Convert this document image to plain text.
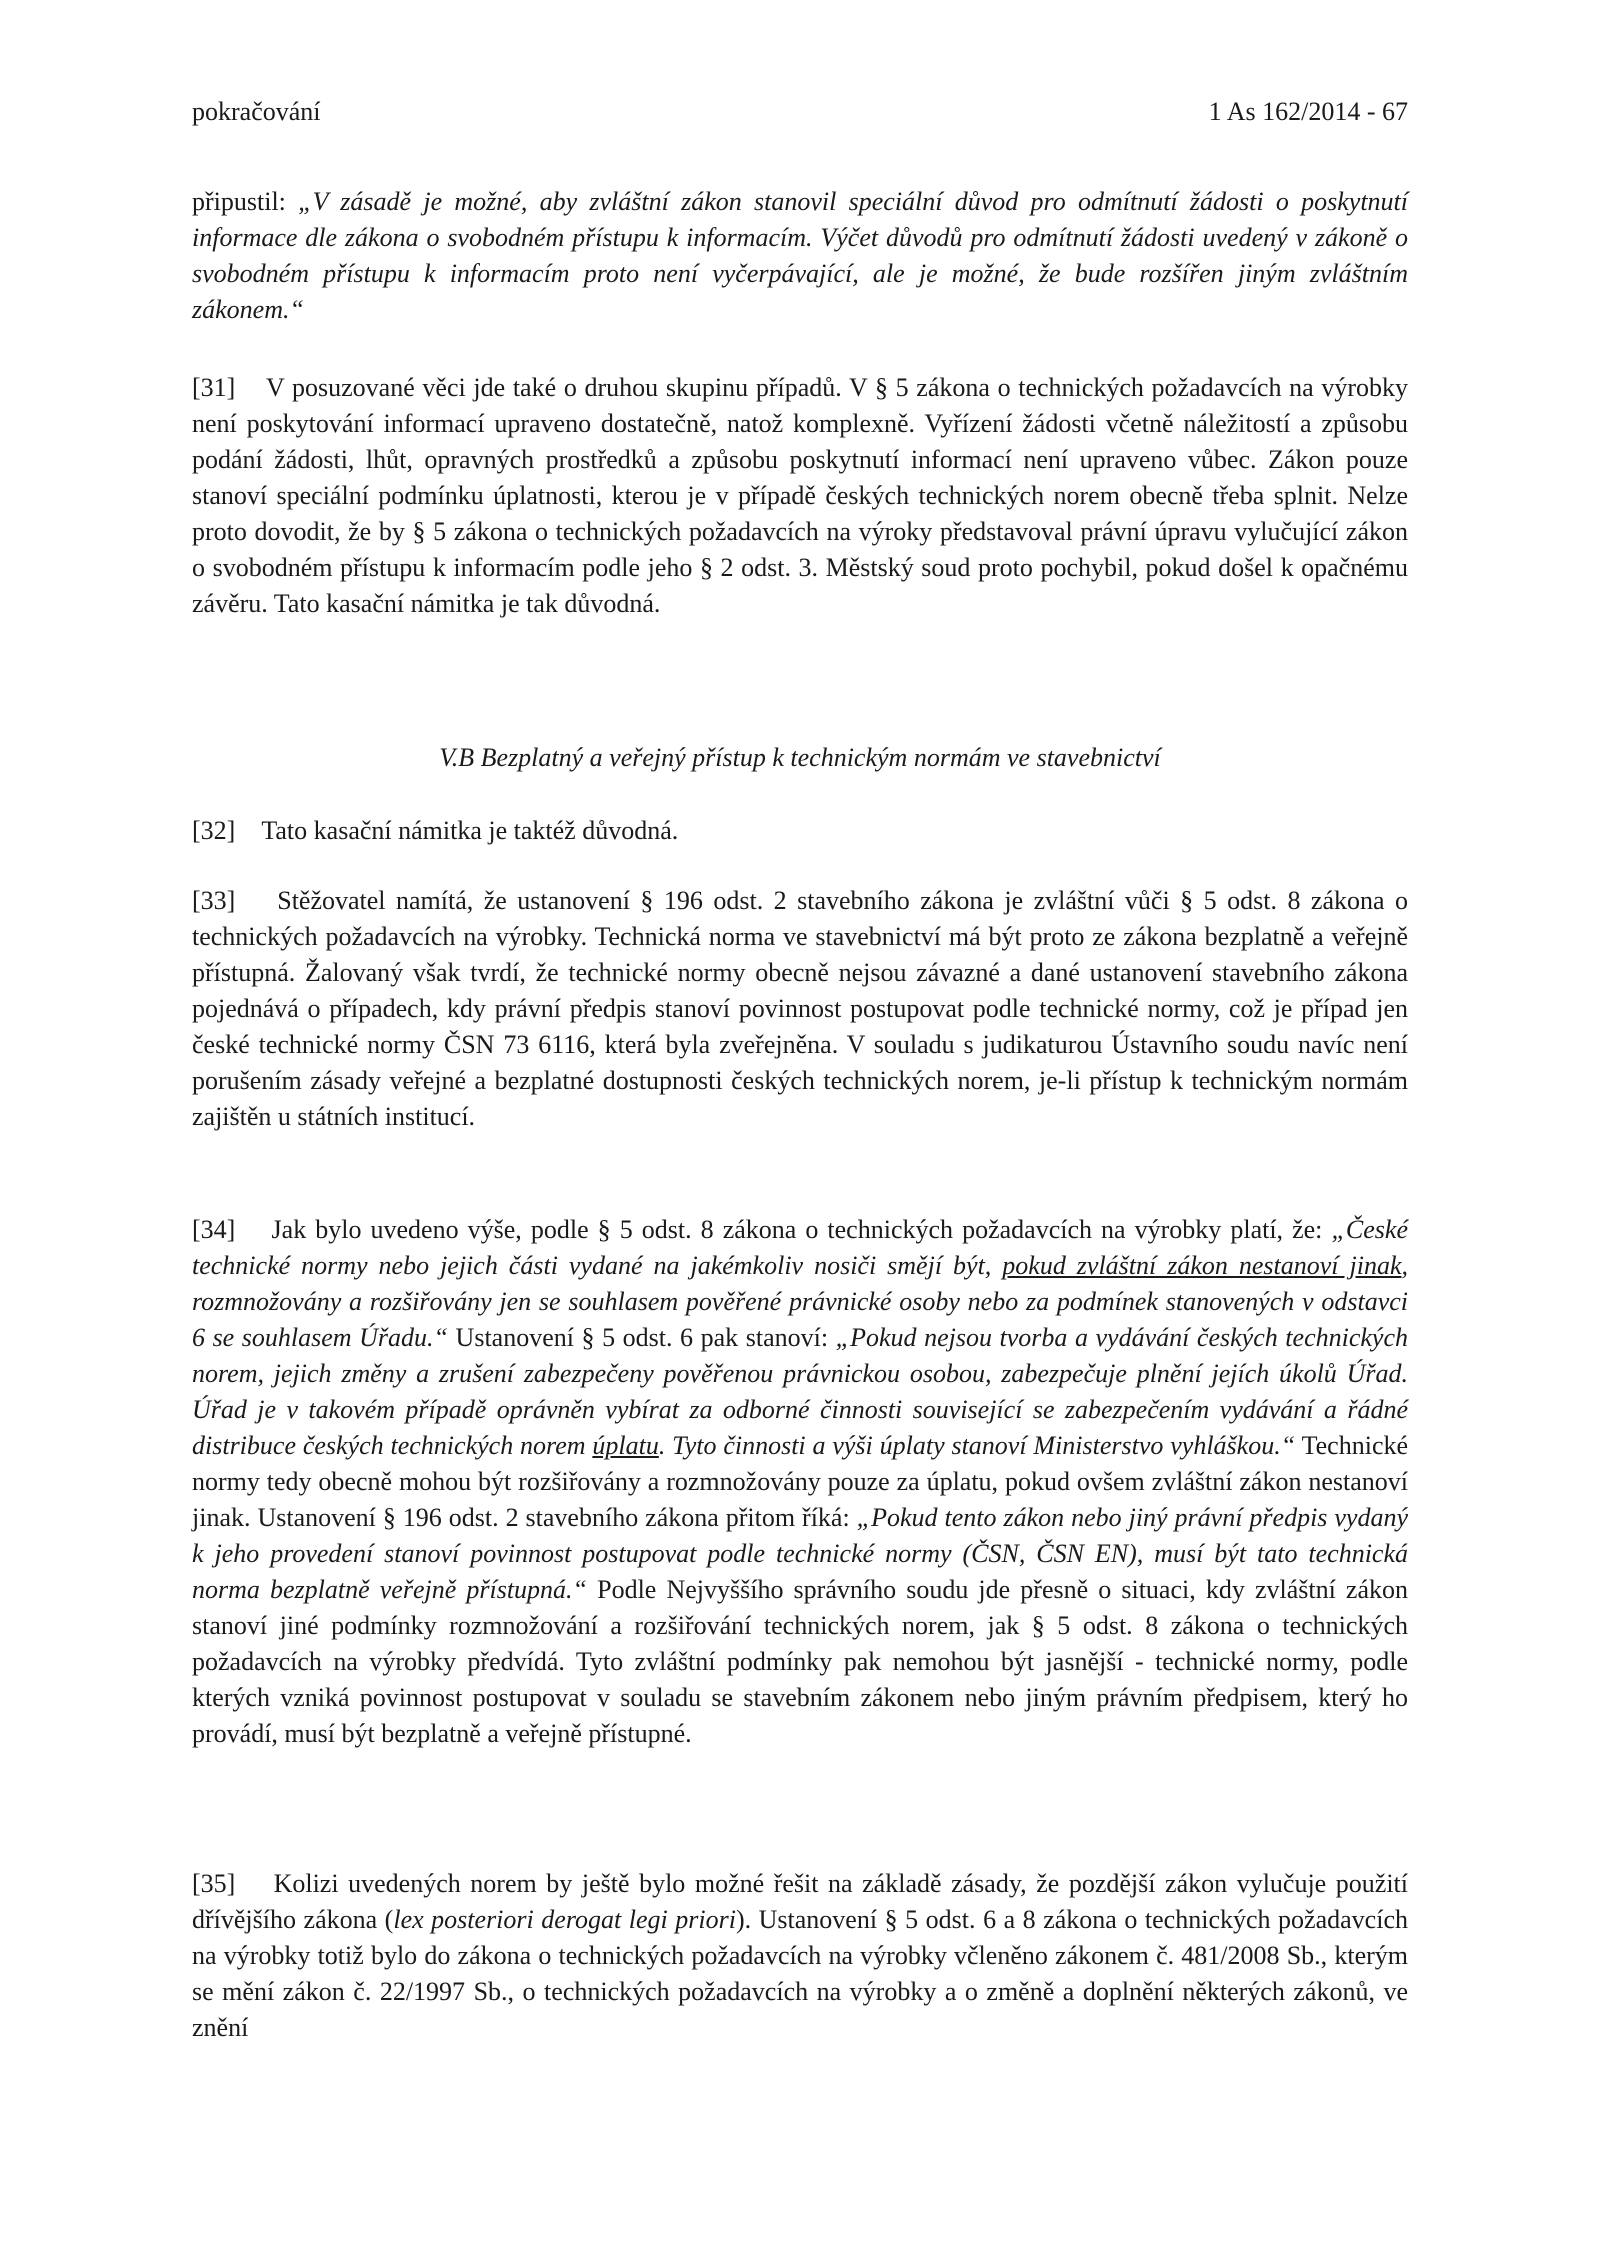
pokračování	1 As 162/2014 - 67

připustil: „V zásadě je možné, aby zvláštní zákon stanovil speciální důvod pro odmítnutí žádosti o poskytnutí informace dle zákona o svobodném přístupu k informacím. Výčet důvodů pro odmítnutí žádosti uvedený v zákoně o svobodném přístupu k informacím proto není vyčerpávající, ale je možné, že bude rozšířen jiným zvláštním zákonem.“

[31] V posuzované věci jde také o druhou skupinu případů. V § 5 zákona o technických požadavcích na výrobky není poskytování informací upraveno dostatečně, natož komplexně. Vyřízení žádosti včetně náležitostí a způsobu podání žádosti, lhůt, opravných prostředků a způsobu poskytnutí informací není upraveno vůbec. Zákon pouze stanoví speciální podmínku úplatnosti, kterou je v případě českých technických norem obecně třeba splnit. Nelze proto dovodit, že by § 5 zákona o technických požadavcích na výroky představoval právní úpravu vylučující zákon o svobodném přístupu k informacím podle jeho § 2 odst. 3. Městský soud proto pochybil, pokud došel k opačnému závěru. Tato kasační námitka je tak důvodná.

V.B Bezplatný a veřejný přístup k technickým normám ve stavebnictví

[32] Tato kasační námitka je taktéž důvodná.

[33] Stěžovatel namítá, že ustanovení § 196 odst. 2 stavebního zákona je zvláštní vůči § 5 odst. 8 zákona o technických požadavcích na výrobky. Technická norma ve stavebnictví má být proto ze zákona bezplatně a veřejně přístupná. Žalovaný však tvrdí, že technické normy obecně nejsou závazné a dané ustanovení stavebního zákona pojednává o případech, kdy právní předpis stanoví povinnost postupovat podle technické normy, což je případ jen české technické normy ČSN 73 6116, která byla zveřejněna. V souladu s judikaturou Ústavního soudu navíc není porušením zásady veřejné a bezplatné dostupnosti českých technických norem, je-li přístup k technickým normám zajištěn u státních institucí.

[34] Jak bylo uvedeno výše, podle § 5 odst. 8 zákona o technických požadavcích na výrobky platí, že: „České technické normy nebo jejich části vydané na jakémkoliv nosiči smějí být, pokud zvláštní zákon nestanoví jinak, rozmnožovány a rozšiřovány jen se souhlasem pověřené právnické osoby nebo za podmínek stanovených v odstavci 6 se souhlasem Úřadu.“ Ustanovení § 5 odst. 6 pak stanoví: „Pokud nejsou tvorba a vydávání českých technických norem, jejich změny a zrušení zabezpečeny pověřenou právnickou osobou, zabezpečuje plnění jejích úkolů Úřad. Úřad je v takovém případě oprávněn vybírat za odborné činnosti související se zabezpečením vydávání a řádné distribuce českých technických norem úplatu. Tyto činnosti a výši úplaty stanoví Ministerstvo vyhláškou.“ Technické normy tedy obecně mohou být rozšiřovány a rozmnožovány pouze za úplatu, pokud ovšem zvláštní zákon nestanoví jinak. Ustanovení § 196 odst. 2 stavebního zákona přitom říká: „Pokud tento zákon nebo jiný právní předpis vydaný k jeho provedení stanoví povinnost postupovat podle technické normy (ČSN, ČSN EN), musí být tato technická norma bezplatně veřejně přístupná.“ Podle Nejvyššího správního soudu jde přesně o situaci, kdy zvláštní zákon stanoví jiné podmínky rozmnožování a rozšiřování technických norem, jak § 5 odst. 8 zákona o technických požadavcích na výrobky předvídá. Tyto zvláštní podmínky pak nemohou být jasnější - technické normy, podle kterých vzniká povinnost postupovat v souladu se stavebním zákonem nebo jiným právním předpisem, který ho provádí, musí být bezplatně a veřejně přístupné.

[35] Kolizi uvedených norem by ještě bylo možné řešit na základě zásady, že pozdější zákon vylučuje použití dřívějšího zákona (lex posteriori derogat legi priori). Ustanovení § 5 odst. 6 a 8 zákona o technických požadavcích na výrobky totiž bylo do zákona o technických požadavcích na výrobky včleněno zákonem č. 481/2008 Sb., kterým se mění zákon č. 22/1997 Sb., o technických požadavcích na výrobky a o změně a doplnění některých zákonů, ve znění
